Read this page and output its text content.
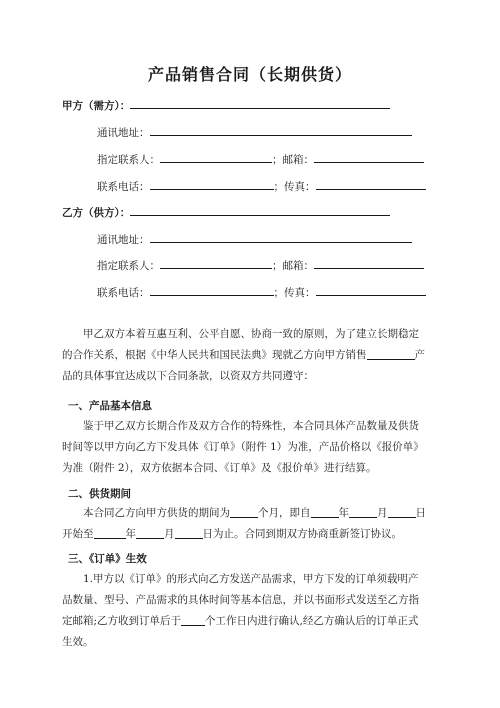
产品销售合同（长期供货）
甲方（需方）：
通讯地址：
指定联系人：	；邮箱：
联系电话：	；传真：
乙方（供方）：
通讯地址：
指定联系人：	；邮箱：
联系电话：	；传真：

甲乙双方本着互惠互利、公平自愿、协商一致的原则，为了建立长期稳定的合作关系，根据《中华人民共和国民法典》现就乙方向甲方销售	产品的具体事宜达成以下合同条款，以资双方共同遵守：

一、产品基本信息

鉴于甲乙双方长期合作及双方合作的特殊性，本合同具体产品数量及供货时间等以甲方向乙方下发具体《订单》（附件 1）为准，产品价格以《报价单》为准（附件 2），双方依据本合同、《订单》及《报价单》进行结算。

二、供货期间

本合同乙方向甲方供货的期间为	个月，即自	年	月	日开始至	年	月	日为止。合同到期双方协商重新签订协议。

三、《订单》生效

1.甲方以《订单》的形式向乙方发送产品需求，甲方下发的订单须载明产品数量、型号、产品需求的具体时间等基本信息，并以书面形式发送至乙方指定邮箱;乙方收到订单后于 个工作日内进行确认,经乙方确认后的订单正式生效。
